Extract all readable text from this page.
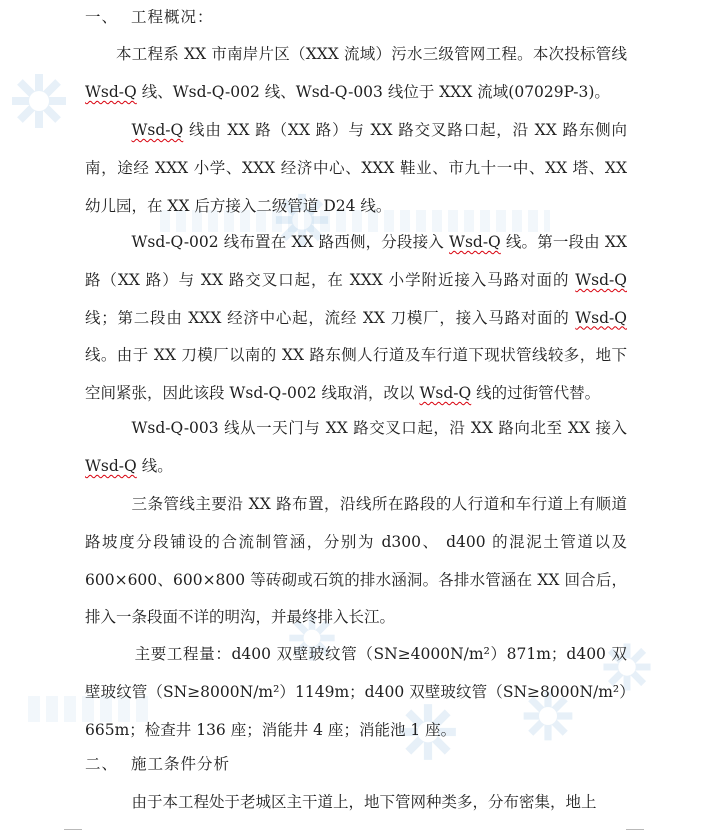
一、 工程概况：

本工程系 XX 市南岸片区（XXX 流域）污水三级管网工程。本次投标管线 Wsd-Q 线、Wsd-Q-002 线、Wsd-Q-003 线位于 XXX 流域(07029P-3)。

Wsd-Q 线由 XX 路（XX 路）与 XX 路交叉路口起，沿 XX 路东侧向南，途经 XXX 小学、XXX 经济中心、XXX 鞋业、市九十一中、XX 塔、XX 幼儿园，在 XX 后方接入二级管道 D24 线。

Wsd-Q-002 线布置在 XX 路西侧，分段接入 Wsd-Q 线。第一段由 XX 路（XX 路）与 XX 路交叉口起，在 XXX 小学附近接入马路对面的 Wsd-Q 线；第二段由 XXX 经济中心起，流经 XX 刀模厂，接入马路对面的 Wsd-Q 线。由于 XX 刀模厂以南的 XX 路东侧人行道及车行道下现状管线较多，地下空间紧张，因此该段 Wsd-Q-002 线取消，改以 Wsd-Q 线的过街管代替。

Wsd-Q-003 线从一天门与 XX 路交叉口起，沿 XX 路向北至 XX 接入 Wsd-Q 线。

三条管线主要沿 XX 路布置，沿线所在路段的人行道和车行道上有顺道路坡度分段铺设的合流制管涵，分别为 d300、 d400 的混泥土管道以及 600×600、600×800 等砖砌或石筑的排水涵洞。各排水管涵在 XX 回合后，排入一条段面不详的明沟，并最终排入长江。

主要工程量：d400 双壁玻纹管（SN≥4000N/m²）871m；d400 双壁玻纹管（SN≥8000N/m²）1149m；d400 双壁玻纹管（SN≥8000N/m²）665m；检查井 136 座；消能井 4 座；消能池 1 座。

二、 施工条件分析

由于本工程处于老城区主干道上，地下管网种类多，分布密集，地上
